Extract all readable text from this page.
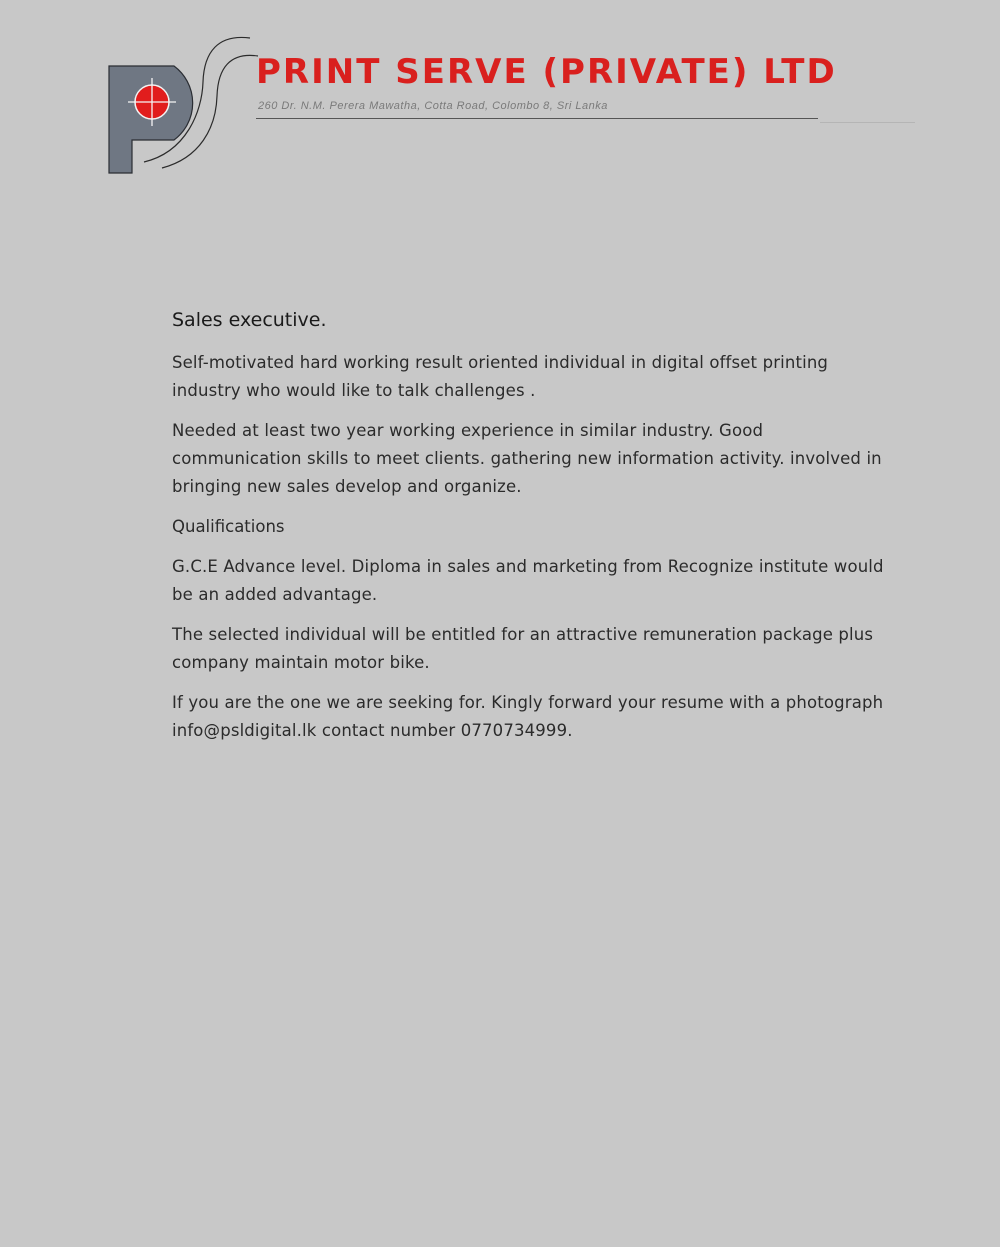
PRINT SERVE (PRIVATE) LTD

260 Dr. N.M. Perera Mawatha, Cotta Road, Colombo 8, Sri Lanka

Sales executive.

Self-motivated hard working result oriented individual in digital offset printing industry who would like to talk challenges .

Needed at least two year working experience in similar industry. Good communication skills to meet clients. gathering new information activity. involved in bringing new sales develop and organize.

Qualifications

G.C.E Advance level. Diploma in sales and marketing from Recognize institute would be an added advantage.

The selected individual will be entitled for an attractive remuneration package plus company maintain motor bike.

If you are the one we are seeking for. Kingly forward your resume with a photograph info@psldigital.lk contact number 0770734999.
